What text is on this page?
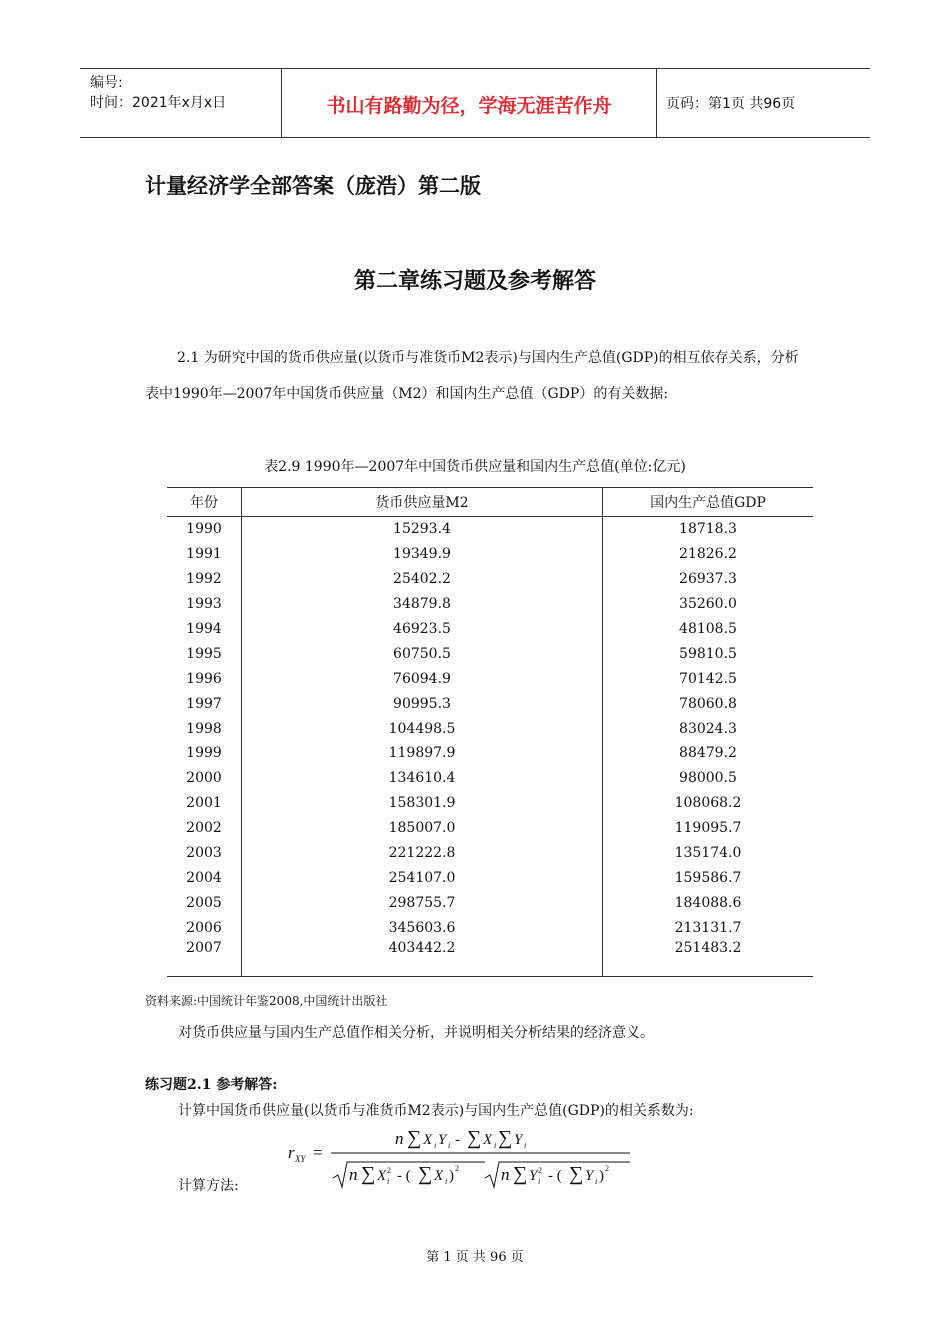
编号:
时间：2021年x月x日	书山有路勤为径，学海无涯苦作舟	页码：第1页 共96页
计量经济学全部答案（庞浩）第二版
第二章练习题及参考解答
2.1 为研究中国的货币供应量(以货币与准货币M2表示)与国内生产总值(GDP)的相互依存关系，分析表中1990年—2007年中国货币供应量（M2）和国内生产总值（GDP）的有关数据:
表2.9 1990年—2007年中国货币供应量和国内生产总值(单位:亿元)
年份	货币供应量M2	国内生产总值GDP
1990	15293.4	18718.3
1991	19349.9	21826.2
1992	25402.2	26937.3
1993	34879.8	35260.0
1994	46923.5	48108.5
1995	60750.5	59810.5
1996	76094.9	70142.5
1997	90995.3	78060.8
1998	104498.5	83024.3
1999	119897.9	88479.2
2000	134610.4	98000.5
2001	158301.9	108068.2
2002	185007.0	119095.7
2003	221222.8	135174.0
2004	254107.0	159586.7
2005	298755.7	184088.6
2006	345603.6	213131.7
2007	403442.2	251483.2
资料来源:中国统计年鉴2008,中国统计出版社
对货币供应量与国内生产总值作相关分析，并说明相关分析结果的经济意义。
练习题2.1 参考解答:
计算中国货币供应量(以货币与准货币M2表示)与国内生产总值(GDP)的相关系数为:
r XY =
n ∑ X i Y i - ∑ X i ∑ Y i
n ∑ X 2
i - ( ∑ X i ) 2 n ∑ Y 2
i - ( ∑ Y i ) 2
计算方法:
第 1 页 共 96 页
